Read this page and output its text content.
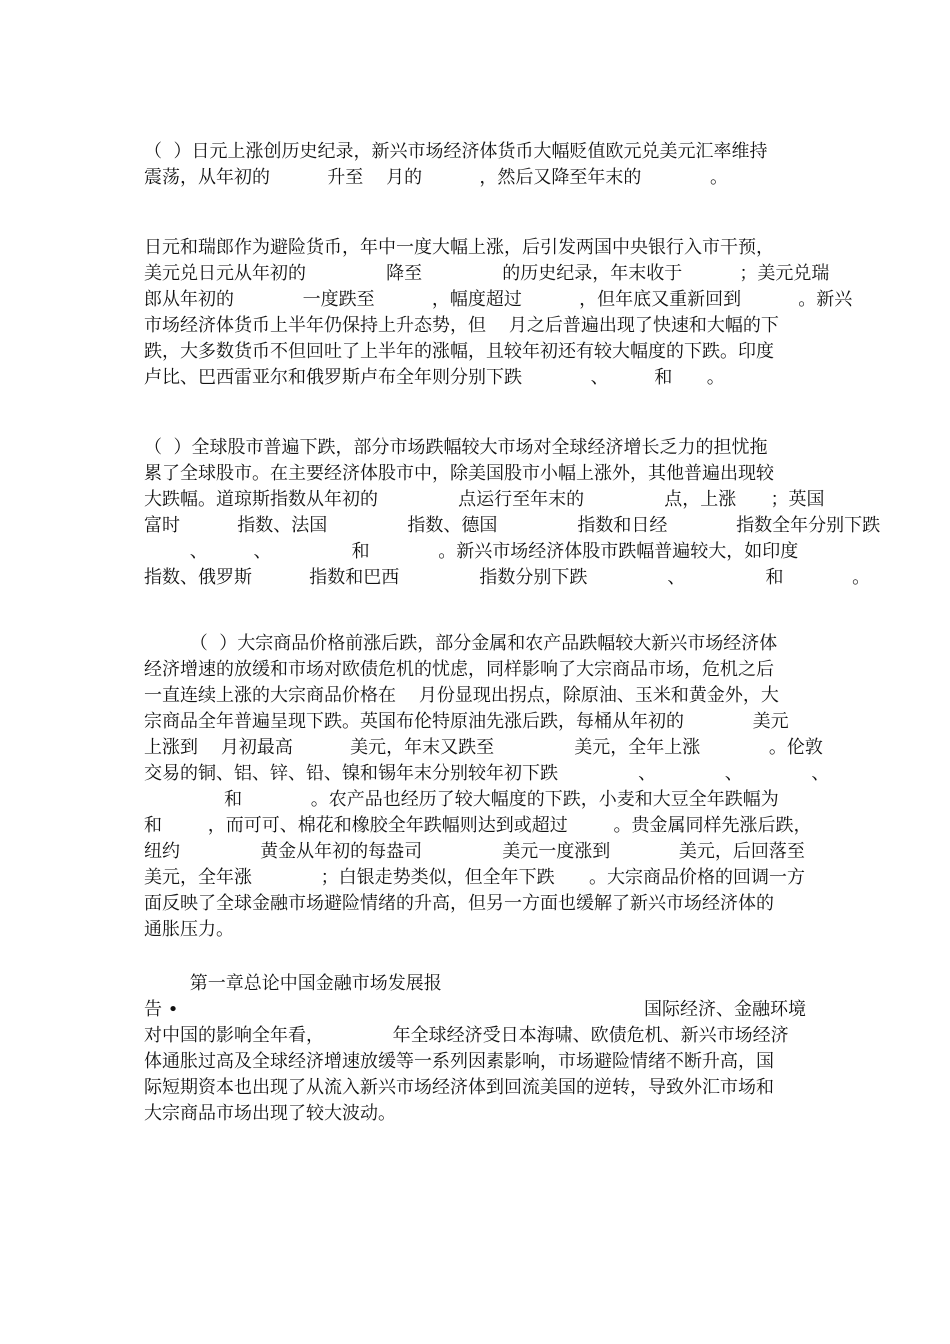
（  ）日元上涨创历史纪录，新兴市场经济体货币大幅贬值欧元兑美元汇率维持

震荡，从年初的          升至    月的          ，然后又降至年末的            。

日元和瑞郎作为避险货币，年中一度大幅上涨，后引发两国中央银行入市干预，

美元兑日元从年初的              降至              的历史纪录，年末收于          ；美元兑瑞

郎从年初的            一度跌至          ，幅度超过          ，但年底又重新回到          。新兴

市场经济体货币上半年仍保持上升态势，但    月之后普遍出现了快速和大幅的下

跌，大多数货币不但回吐了上半年的涨幅，且较年初还有较大幅度的下跌。印度

卢比、巴西雷亚尔和俄罗斯卢布全年则分别下跌            、        和      。

（  ）全球股市普遍下跌，部分市场跌幅较大市场对全球经济增长乏力的担忧拖

累了全球股市。在主要经济体股市中，除美国股市小幅上涨外，其他普遍出现较

大跌幅。道琼斯指数从年初的              点运行至年末的              点，上涨      ；英国

富时          指数、法国              指数、德国              指数和日经            指数全年分别下跌

、        、              和            。新兴市场经济体股市跌幅普遍较大，如印度

指数、俄罗斯          指数和巴西              指数分别下跌              、              和            。

（  ）大宗商品价格前涨后跌，部分金属和农产品跌幅较大新兴市场经济体

经济增速的放缓和市场对欧债危机的忧虑，同样影响了大宗商品市场，危机之后

一直连续上涨的大宗商品价格在    月份显现出拐点，除原油、玉米和黄金外，大

宗商品全年普遍呈现下跌。英国布伦特原油先涨后跌，每桶从年初的            美元

上涨到    月初最高          美元，年末又跌至              美元，全年上涨            。伦敦

交易的铜、铝、锌、铅、镍和锡年末分别较年初下跌              、            、            、

和            。农产品也经历了较大幅度的下跌，小麦和大豆全年跌幅为

和        ，而可可、棉花和橡胶全年跌幅则达到或超过        。贵金属同样先涨后跌，

纽约              黄金从年初的每盎司              美元一度涨到            美元，后回落至

美元，全年涨            ；白银走势类似，但全年下跌      。大宗商品价格的回调一方

面反映了全球金融市场避险情绪的升高，但另一方面也缓解了新兴市场经济体的

通胀压力。

第一章总论中国金融市场发展报

告 •	国际经济、金融环境

对中国的影响全年看，            年全球经济受日本海啸、欧债危机、新兴市场经济

体通胀过高及全球经济增速放缓等一系列因素影响，市场避险情绪不断升高，国

际短期资本也出现了从流入新兴市场经济体到回流美国的逆转，导致外汇市场和

大宗商品市场出现了较大波动。
